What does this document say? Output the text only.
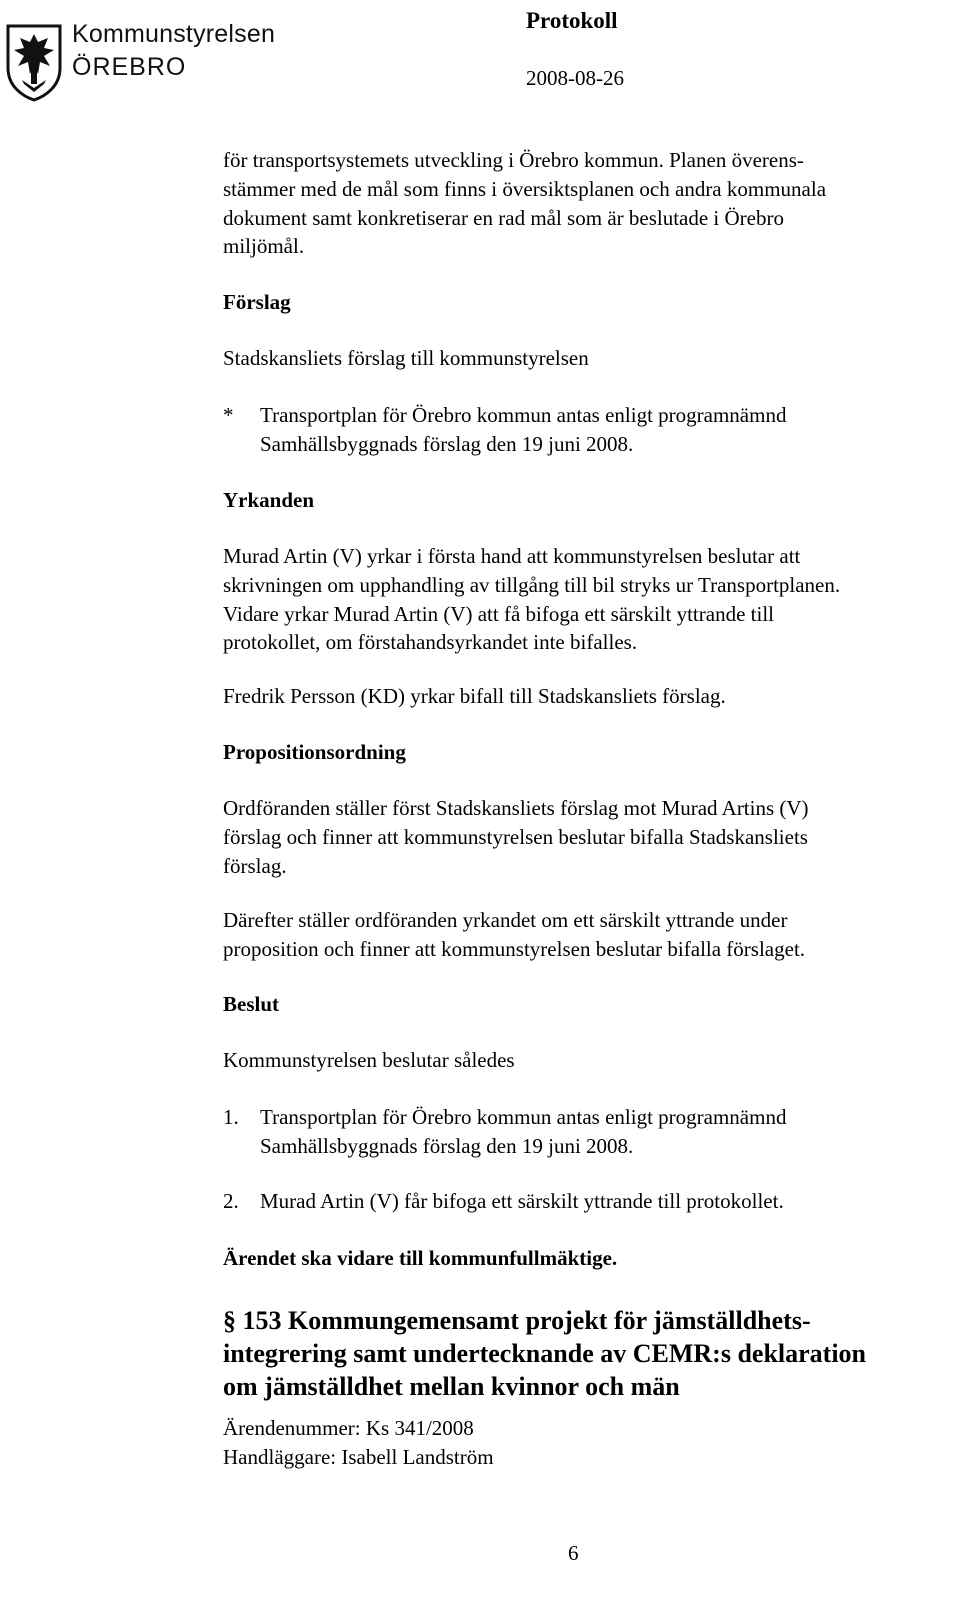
Kommunstyrelsen
ÖREBRO
Protokoll
2008-08-26
för transportsystemets utveckling i Örebro kommun. Planen överens-
stämmer med de mål som finns i översiktsplanen och andra kommunala
dokument samt konkretiserar en rad mål som är beslutade i Örebro
miljömål.
Förslag
Stadskansliets förslag till kommunstyrelsen
*	Transportplan för Örebro kommun antas enligt programnämnd
Samhällsbyggnads förslag den 19 juni 2008.
Yrkanden
Murad Artin (V) yrkar i första hand att kommunstyrelsen beslutar att
skrivningen om upphandling av tillgång till bil stryks ur Transportplanen.
Vidare yrkar Murad Artin (V) att få bifoga ett särskilt yttrande till
protokollet, om förstahandsyrkandet inte bifalles.
Fredrik Persson (KD) yrkar bifall till Stadskansliets förslag.
Propositionsordning
Ordföranden ställer först Stadskansliets förslag mot Murad Artins (V)
förslag och finner att kommunstyrelsen beslutar bifalla Stadskansliets
förslag.
Därefter ställer ordföranden yrkandet om ett särskilt yttrande under
proposition och finner att kommunstyrelsen beslutar bifalla förslaget.
Beslut
Kommunstyrelsen beslutar således
1.	Transportplan för Örebro kommun antas enligt programnämnd
Samhällsbyggnads förslag den 19 juni 2008.
2.	Murad Artin (V) får bifoga ett särskilt yttrande till protokollet.
Ärendet ska vidare till kommunfullmäktige.
§ 153 Kommungemensamt projekt för jämställdhets-
integrering samt undertecknande av CEMR:s deklaration
om jämställdhet mellan kvinnor och män
Ärendenummer: Ks 341/2008
Handläggare: Isabell Landström
6
